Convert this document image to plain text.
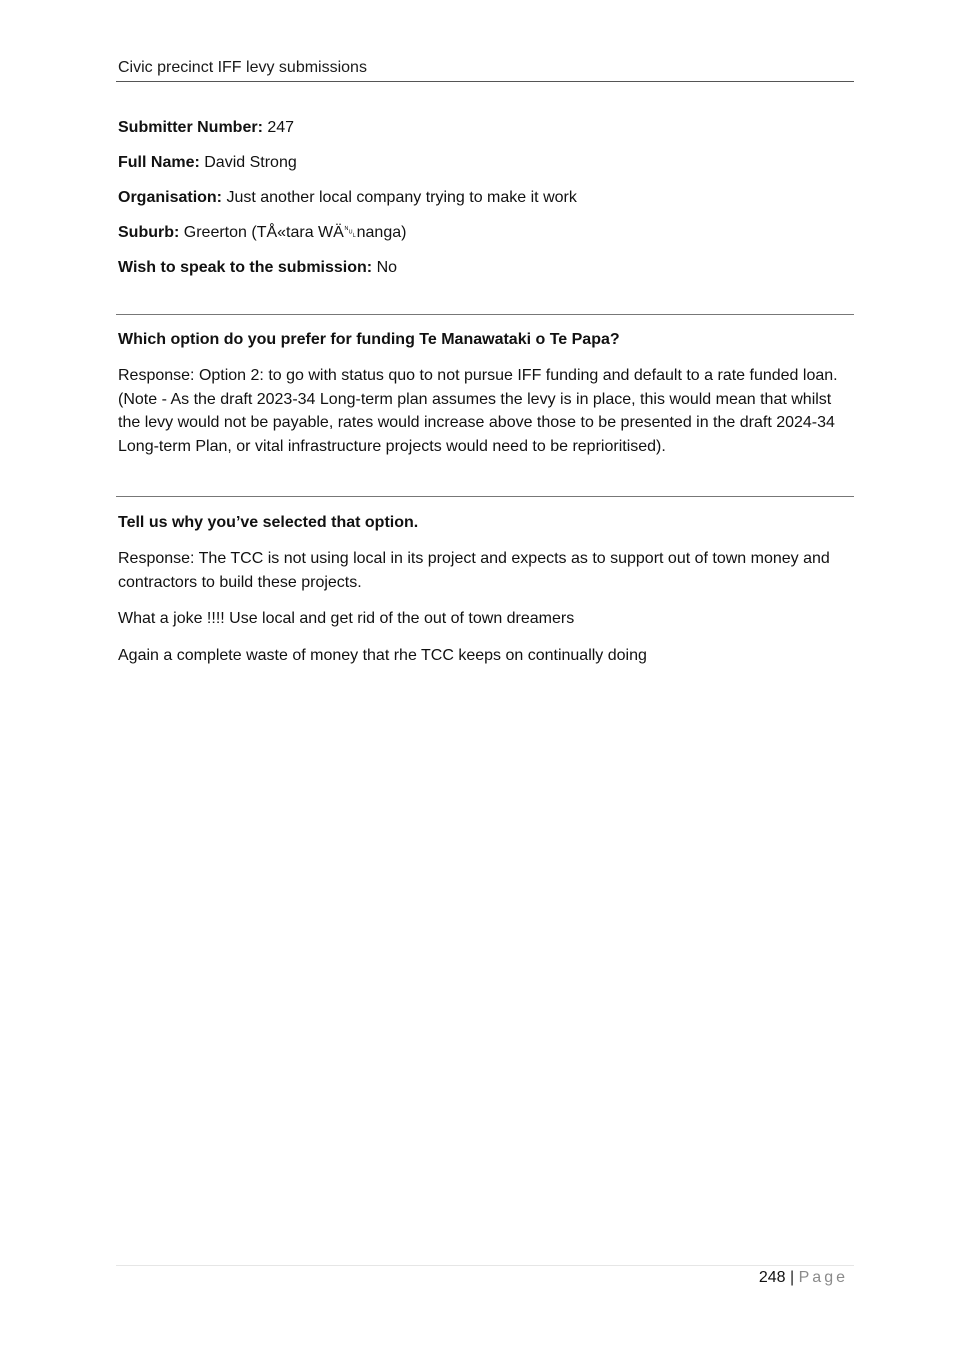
Civic precinct IFF levy submissions
Submitter Number: 247
Full Name: David Strong
Organisation: Just another local company trying to make it work
Suburb: Greerton (TÅ«tara WÄ␀nanga)
Wish to speak to the submission: No
Which option do you prefer for funding Te Manawataki o Te Papa?

Response: Option 2: to go with status quo to not pursue IFF funding and default to a rate funded loan. (Note - As the draft 2023-34 Long-term plan assumes the levy is in place, this would mean that whilst the levy would not be payable, rates would increase above those to be presented in the draft 2024-34 Long-term Plan, or vital infrastructure projects would need to be reprioritised).

Tell us why you’ve selected that option.

Response: The TCC is not using local in its project and expects as to support out of town money and contractors to build these projects.

What a joke !!!! Use local and get rid of the out of town dreamers

Again a complete waste of money that rhe TCC keeps on continually doing

248 | Page
